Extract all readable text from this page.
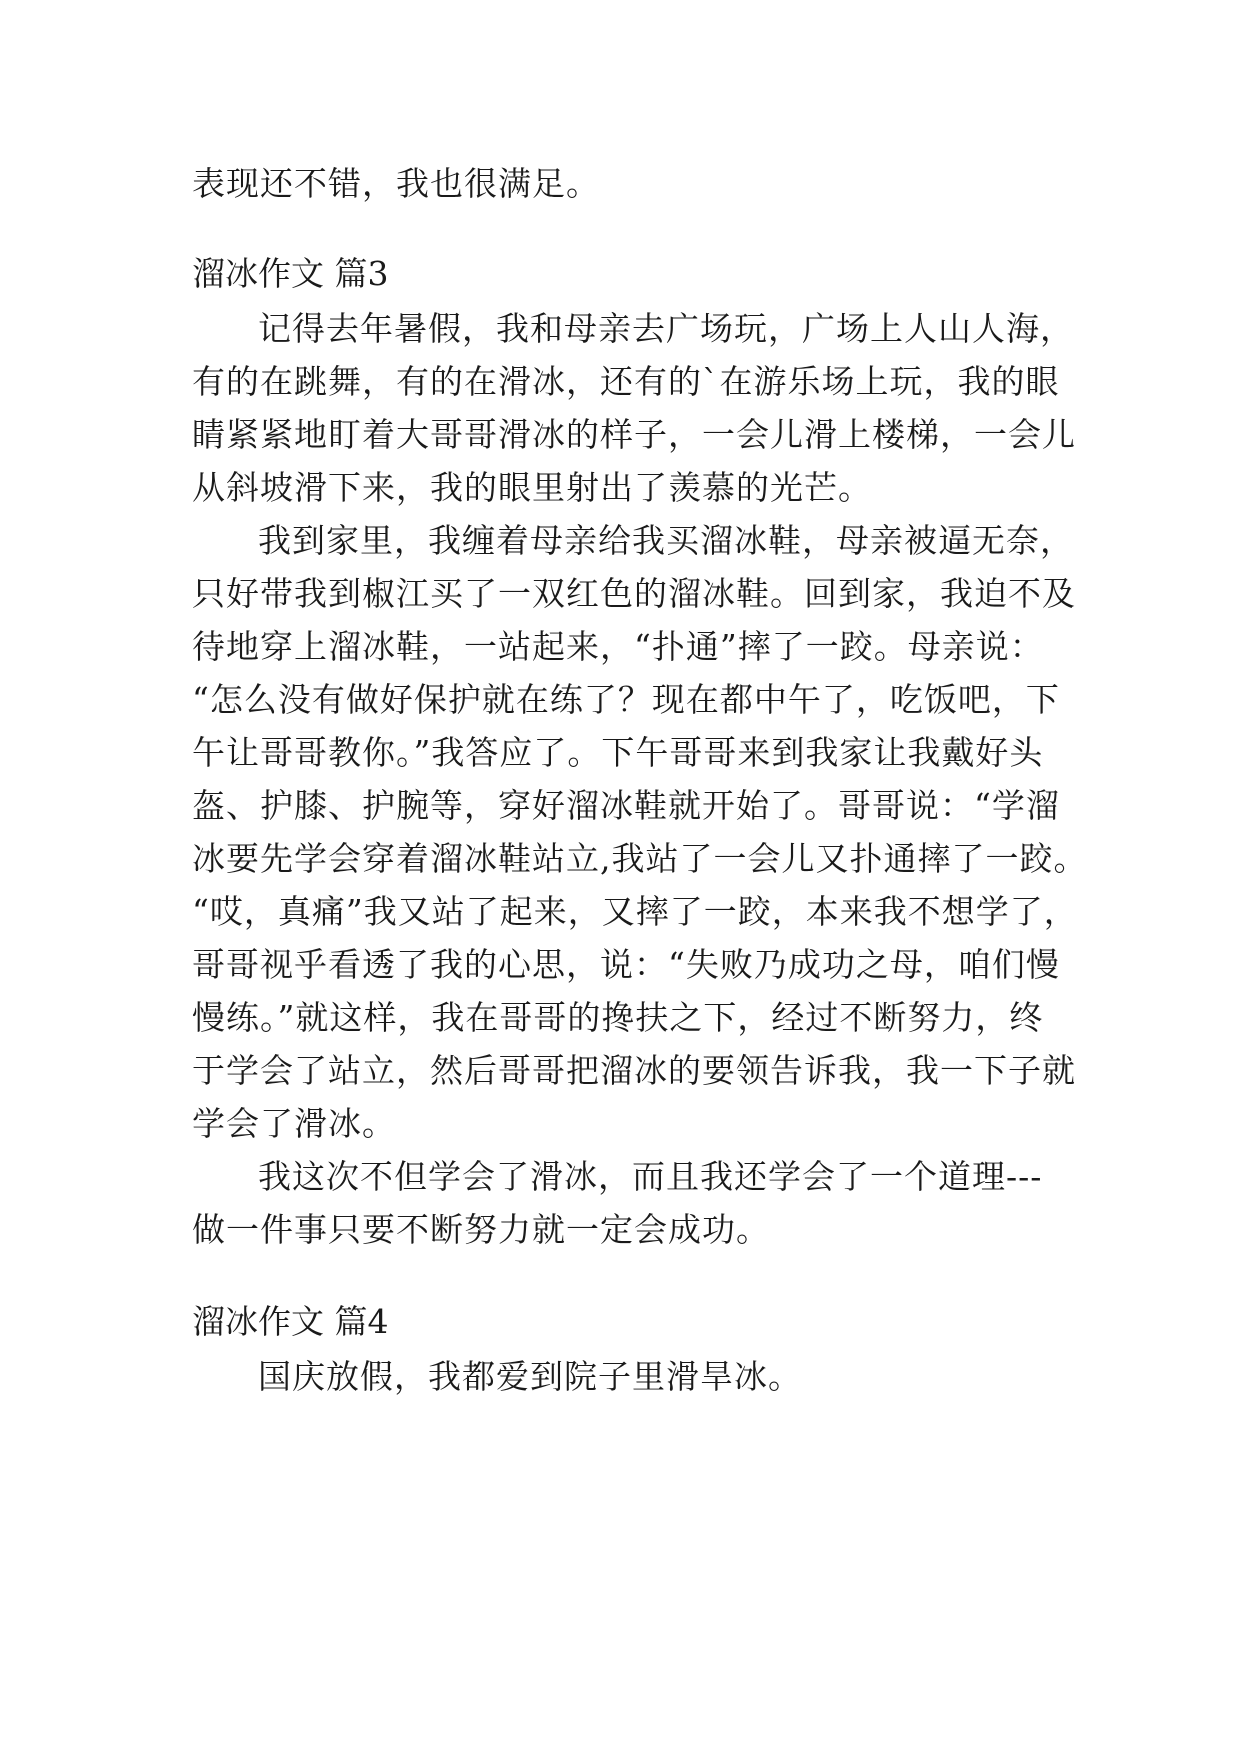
表现还不错，我也很满足。
溜冰作文 篇3
记得去年暑假，我和母亲去广场玩，广场上人山人海，
有的在跳舞，有的在滑冰，还有的`在游乐场上玩，我的眼
睛紧紧地盯着大哥哥滑冰的样子，一会儿滑上楼梯，一会儿
从斜坡滑下来，我的眼里射出了羡慕的光芒。
我到家里，我缠着母亲给我买溜冰鞋，母亲被逼无奈，
只好带我到椒江买了一双红色的溜冰鞋。回到家，我迫不及
待地穿上溜冰鞋，一站起来，“扑通”摔了一跤。母亲说：
“怎么没有做好保护就在练了？现在都中午了，吃饭吧，下
午让哥哥教你。”我答应了。下午哥哥来到我家让我戴好头
盔、护膝、护腕等，穿好溜冰鞋就开始了。哥哥说：“学溜
冰要先学会穿着溜冰鞋站立,我站了一会儿又扑通摔了一跤。
“哎，真痛”我又站了起来，又摔了一跤，本来我不想学了，
哥哥视乎看透了我的心思，说：“失败乃成功之母，咱们慢
慢练。”就这样，我在哥哥的搀扶之下，经过不断努力，终
于学会了站立，然后哥哥把溜冰的要领告诉我，我一下子就
学会了滑冰。
我这次不但学会了滑冰，而且我还学会了一个道理---
做一件事只要不断努力就一定会成功。
溜冰作文 篇4
国庆放假，我都爱到院子里滑旱冰。
